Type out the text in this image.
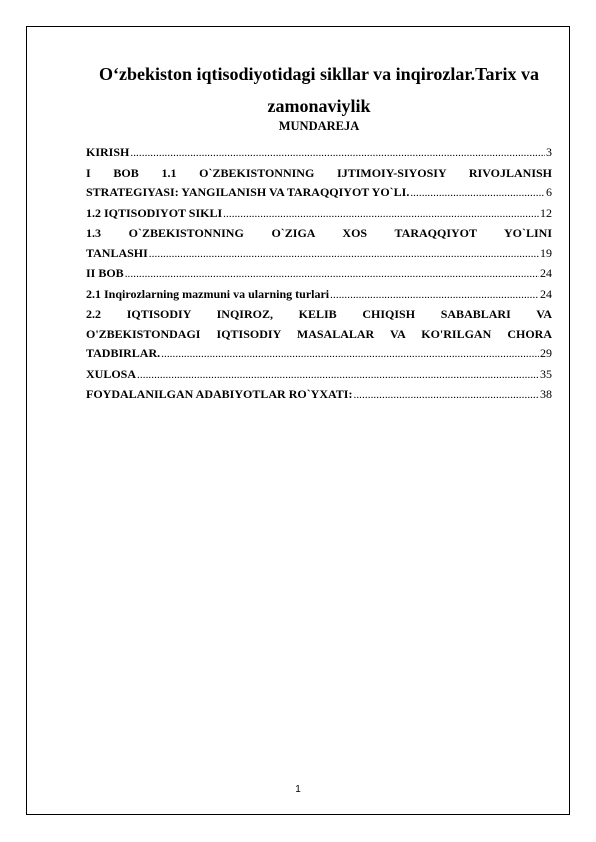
O‘zbekiston iqtisodiyotidagi sikllar va inqirozlar.Tarix va zamonaviylik
MUNDAREJA
KIRISH .....	3
I BOB 1.1 O`ZBEKISTONNING IJTIMOIY-SIYOSIY RIVOJLANISH
STRATEGIYASI: YANGILANISH VA TARAQQIYOT YO`LI. .....	6
1.2 IQTISODIYOT SIKLI .....	12
1.3 O`ZBEKISTONNING O`ZIGA XOS TARAQQIYOT YO`LINI
TANLASHI .....	19
II BOB .....	24
2.1 Inqirozlarning mazmuni va ularning turlari .....	24
2.2 IQTISODIY INQIROZ, KELIB CHIQISH SABABLARI VA
O'ZBEKISTONDAGI IQTISODIY MASALALAR VA KO'RILGAN CHORA
TADBIRLAR. .....	29
XULOSA .....	35
FOYDALANILGAN ADABIYOTLAR RO`YXATI: .....	38
1
